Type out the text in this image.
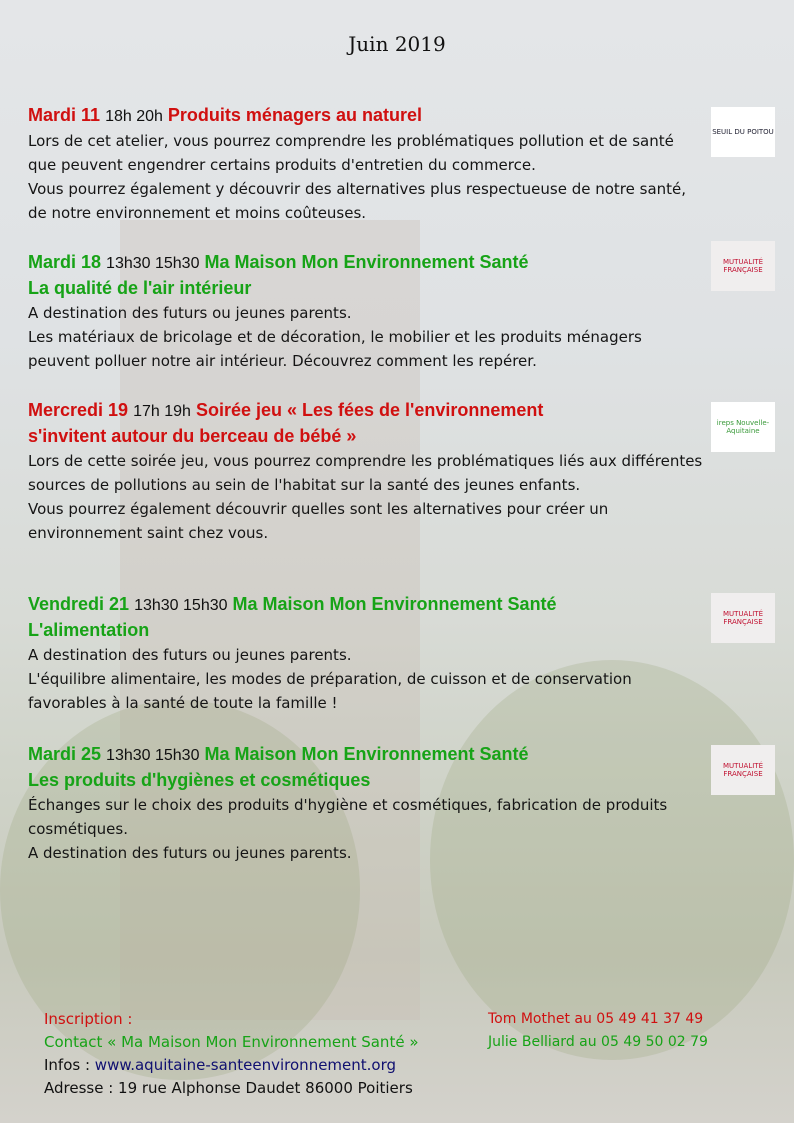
Juin 2019
Mardi 11 18h 20h Produits ménagers au naturel

Lors de cet atelier, vous pourrez comprendre les problématiques pollution et de santé que peuvent engendrer certains produits d'entretien du commerce.

Vous pourrez également y découvrir des alternatives plus respectueuse de notre santé, de notre environnement et moins coûteuses.

SEUIL DU POITOU
Mardi 18 13h30 15h30 Ma Maison Mon Environnement Santé
La qualité de l'air intérieur

A destination des futurs ou jeunes parents.

Les matériaux de bricolage et de décoration, le mobilier et les produits ménagers peuvent polluer notre air intérieur. Découvrez comment les repérer.

MUTUALITÉ FRANÇAISE
Mercredi 19 17h 19h Soirée jeu « Les fées de l'environnement
s'invitent autour du berceau de bébé »

Lors de cette soirée jeu, vous pourrez comprendre les problématiques liés aux différentes sources de pollutions au sein de l'habitat sur la santé des jeunes enfants.

Vous pourrez également découvrir quelles sont les alternatives pour créer un environnement saint chez vous.

ireps Nouvelle-Aquitaine
Vendredi 21 13h30 15h30 Ma Maison Mon Environnement Santé
L'alimentation

A destination des futurs ou jeunes parents.

L'équilibre alimentaire, les modes de préparation, de cuisson et de conservation favorables à la santé de toute la famille !

MUTUALITÉ FRANÇAISE
Mardi 25 13h30 15h30 Ma Maison Mon Environnement Santé
Les produits d'hygiènes et cosmétiques

Échanges sur le choix des produits d'hygiène et cosmétiques, fabrication de produits cosmétiques.

A destination des futurs ou jeunes parents.

MUTUALITÉ FRANÇAISE
Inscription :
Contact « Ma Maison Mon Environnement Santé »
Infos : www.aquitaine-santeenvironnement.org
Adresse : 19 rue Alphonse Daudet 86000 Poitiers
Tom Mothet au 05 49 41 37 49
Julie Belliard au 05 49 50 02 79
